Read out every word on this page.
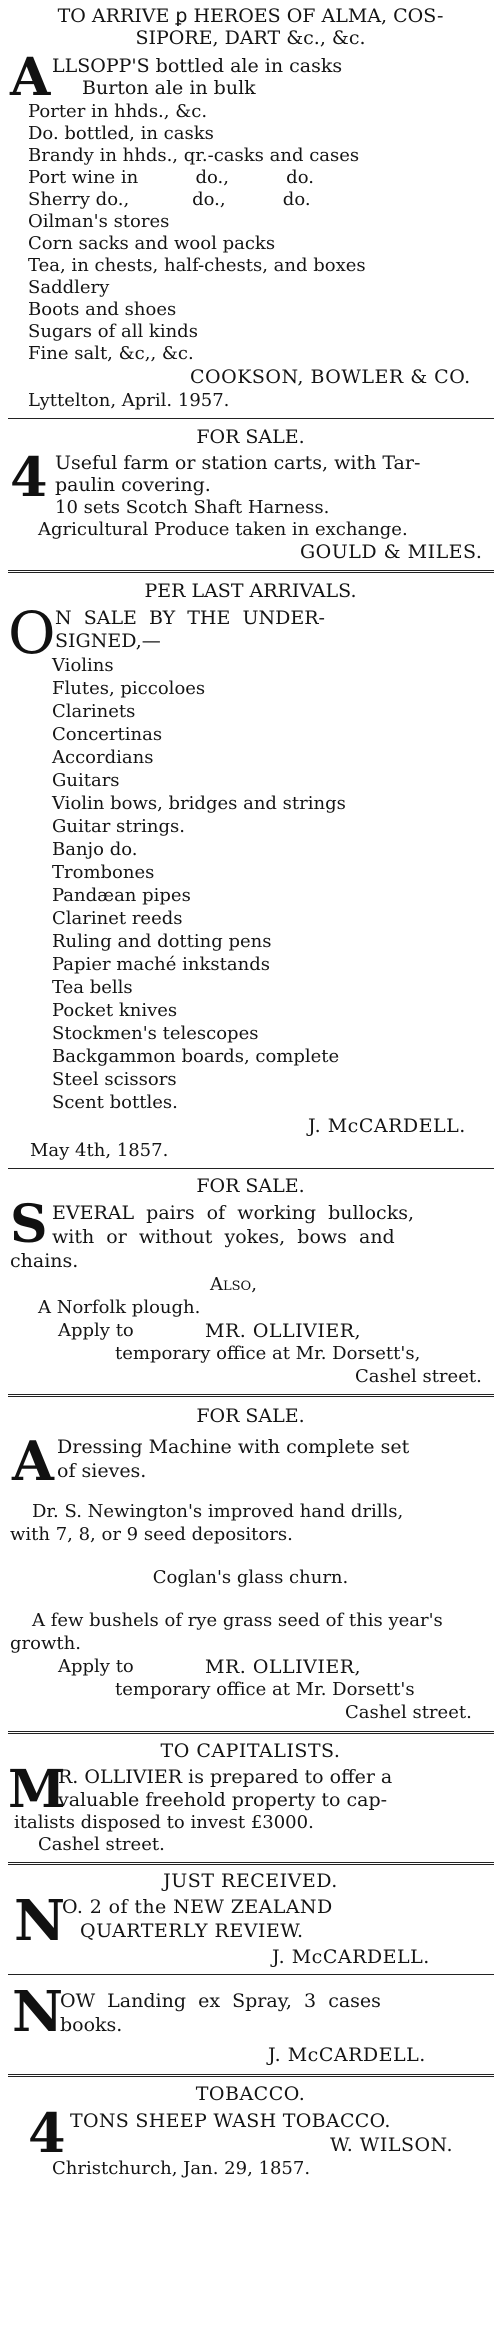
TO ARRIVE ꝑ HEROES OF ALMA, COS-
SIPORE, DART &c., &c.
A LLSOPP'S bottled ale in casks
Burton ale in bulk
Porter in hhds., &c.
Do. bottled, in casks
Brandy in hhds., qr.-casks and cases
Port wine in          do.,          do.
Sherry do.,           do.,          do.
Oilman's stores
Corn sacks and wool packs
Tea, in chests, half-chests, and boxes
Saddlery
Boots and shoes
Sugars of all kinds
Fine salt, &c,, &c.
COOKSON, BOWLER & CO.
Lyttelton, April. 1957.
FOR SALE.
4 Useful farm or station carts, with Tar-
paulin covering.
10 sets Scotch Shaft Harness.
Agricultural Produce taken in exchange.
GOULD & MILES.
PER LAST ARRIVALS.
O N  SALE  BY  THE  UNDER-
SIGNED,—
Violins
Flutes, piccoloes
Clarinets
Concertinas
Accordians
Guitars
Violin bows, bridges and strings
Guitar strings.
Banjo do.
Trombones
Pandæan pipes
Clarinet reeds
Ruling and dotting pens
Papier maché inkstands
Tea bells
Pocket knives
Stockmen's telescopes
Backgammon boards, complete
Steel scissors
Scent bottles.
J. McCARDELL.
May 4th, 1857.
FOR SALE.
S EVERAL  pairs  of  working  bullocks,
with  or  without  yokes,  bows  and
chains.
Also,
A Norfolk plough.
Apply to	MR. OLLIVIER,
temporary office at Mr. Dorsett's,
Cashel street.
FOR SALE.
A Dressing Machine with complete set
of sieves.
Dr. S. Newington's improved hand drills,
with 7, 8, or 9 seed depositors.
Coglan's glass churn.
A few bushels of rye grass seed of this year's
growth.
Apply to	MR. OLLIVIER,
temporary office at Mr. Dorsett's
Cashel street.
TO CAPITALISTS.
M
R. OLLIVIER is prepared to offer a
valuable freehold property to cap-
italists disposed to invest £3000.
Cashel street.
JUST RECEIVED.
N
O. 2 of the NEW ZEALAND
QUARTERLY REVIEW.
J. McCARDELL.
N
OW  Landing  ex  Spray,  3  cases
books.
J. McCARDELL.
TOBACCO.
4 TONS SHEEP WASH TOBACCO.
W. WILSON.
Christchurch, Jan. 29, 1857.
